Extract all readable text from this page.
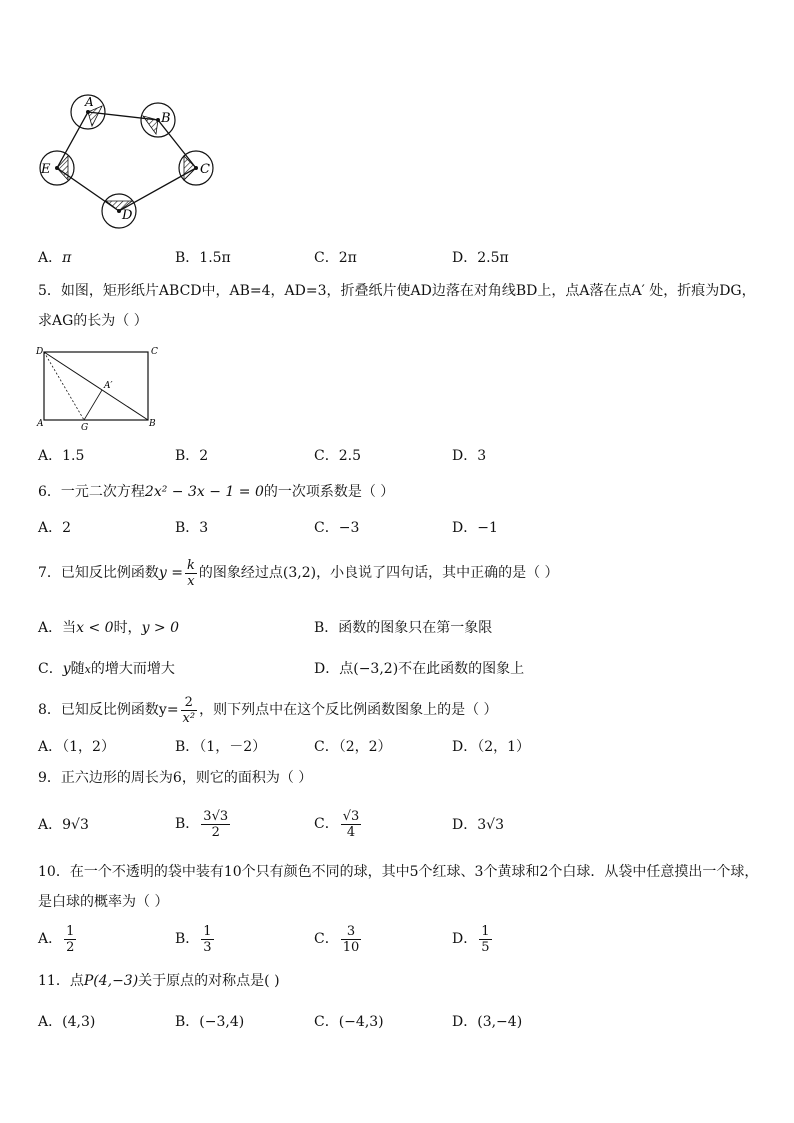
A
B
C
D
E
A．π	B．1.5π	C．2π	D．2.5π
5．如图，矩形纸片ABCD中，AB=4，AD=3，折叠纸片使AD边落在对角线BD上，点A落在点A′ 处，折痕为DG，
求AG的长为（ ）
D	C
A′
A	G	B
A．1.5	B．2	C．2.5	D．3
6．一元二次方程2x² − 3x − 1 = 0的一次项系数是（ ）
A．2	B．3	C．−3	D．−1
7．已知反比例函数$y = \frac{k}{x}$ 的图象经过点(3,2)，小良说了四句话，其中正确的是（ ）
A．当x < 0时，y > 0	B．函数的图象只在第一象限
C．y随x的增大而增大	D．点(−3,2)不在此函数的图象上
8．已知反比例函数$y= \frac{2}{\text{x²}}$ ，则下列点中在这个反比例函数图象上的是（ ）
A．（1，2）	B．（1，－2）	C．（2，2）	D．（2，1）
9．正六边形的周长为6，则它的面积为（ ）
A．9√3	B． $\frac{3√3}{2}$	C． $\frac{√3}{4}$	D．3√3
10．在一个不透明的袋中装有10个只有颜色不同的球，其中5个红球、3个黄球和2个白球．从袋中任意摸出一个球，
是白球的概率为（ ）
A． $\frac{1}{2}$	B． $\frac{1}{3}$	C． $\frac{3}{10}$	D． $\frac{1}{5}$
11．点P(4,−3)关于原点的对称点是( )
A．(4,3)	B．(−3,4)	C．(−4,3)	D．(3,−4)
